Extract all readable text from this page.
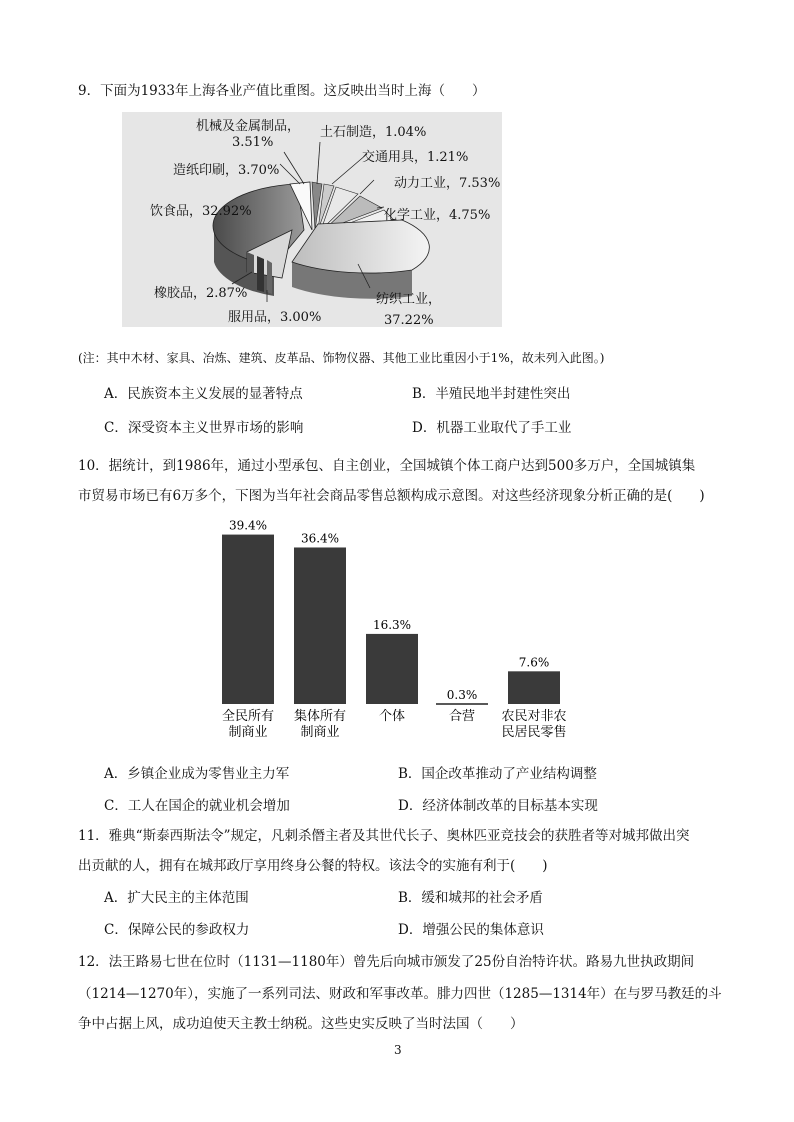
9．下面为1933年上海各业产值比重图。这反映出当时上海（　　）
机械及金属制品，
3.51%
土石制造，1.04%
交通用具，1.21%
造纸印刷，3.70%
动力工业，7.53%
饮食品，32.92%	化学工业，4.75%
橡胶品，2.87%	纺织工业，
37.22%
服用品，3.00%
(注：其中木材、家具、冶炼、建筑、皮革品、饰物仪器、其他工业比重因小于1%，故未列入此图。)
A．民族资本主义发展的显著特点	B．半殖民地半封建性突出
C．深受资本主义世界市场的影响	D．机器工业取代了手工业
10．据统计，到1986年，通过小型承包、自主创业，全国城镇个体工商户达到500多万户，全国城镇集
市贸易市场已有6万多个，下图为当年社会商品零售总额构成示意图。对这些经济现象分析正确的是(　　)
39.4%
全民所有
制商业
36.4%
集体所有
制商业
16.3%
个体
0.3%
合营
7.6%
农民对非农
民居民零售
A．乡镇企业成为零售业主力军	B．国企改革推动了产业结构调整
C．工人在国企的就业机会增加	D．经济体制改革的目标基本实现
11．雅典“斯泰西斯法令”规定，凡刺杀僭主者及其世代长子、奥林匹亚竞技会的获胜者等对城邦做出突
出贡献的人，拥有在城邦政厅享用终身公餐的特权。该法令的实施有利于(　　)
A．扩大民主的主体范围	B．缓和城邦的社会矛盾
C．保障公民的参政权力	D．增强公民的集体意识
12．法王路易七世在位时（1131—1180年）曾先后向城市颁发了25份自治特许状。路易九世执政期间
（1214—1270年），实施了一系列司法、财政和军事改革。腓力四世（1285—1314年）在与罗马教廷的斗
争中占据上风，成功迫使天主教士纳税。这些史实反映了当时法国（　　）
3
